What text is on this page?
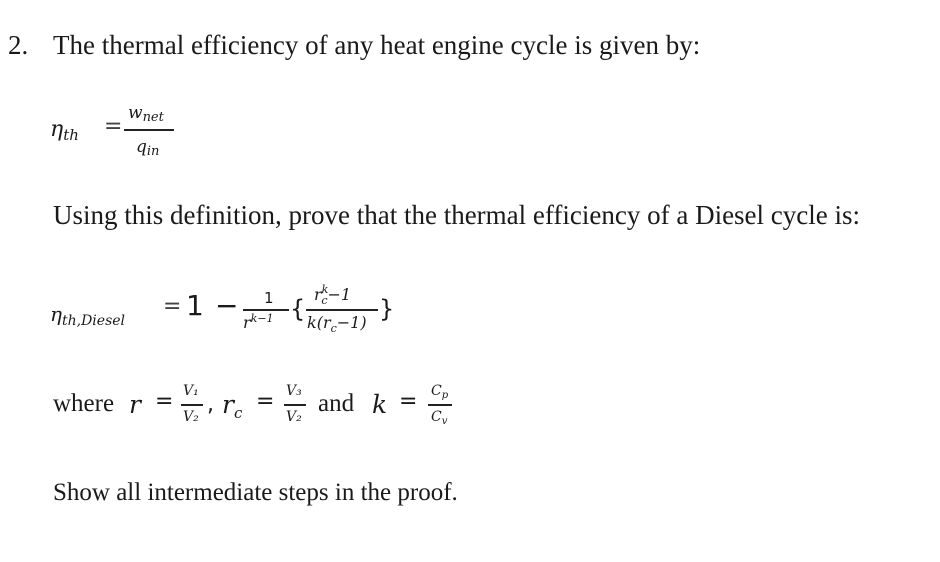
2. The thermal efficiency of any heat engine cycle is given by:
$\eta_{th}$ =
$w_{net}$
$q_{in}$
Using this definition, prove that the thermal efficiency of a Diesel cycle is:
$\eta_{th,Diesel}$
= 1 − 1
$r^{k-1}$ {
$r^k_c-1$
$k(r_c-1)$ }
where r = V₁
V₂ , $r_c = V_3$
V₂ and $k = C_p$
$C_v$
Show all intermediate steps in the proof.
